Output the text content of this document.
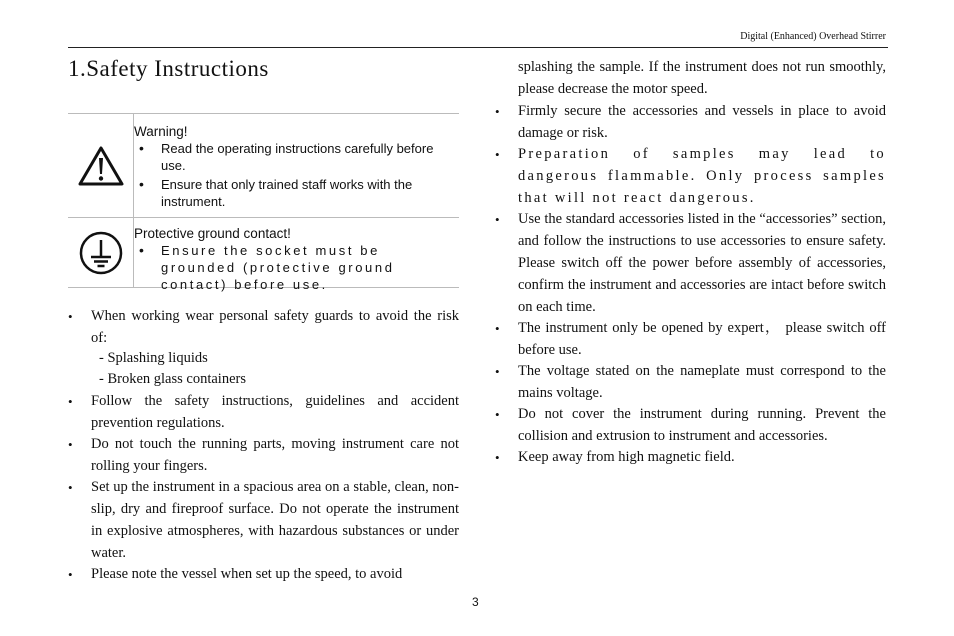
Digital (Enhanced) Overhead Stirrer
1.Safety Instructions
Warning!
• Read the operating instructions carefully before use.
• Ensure that only trained staff works with the instrument.
Protective ground contact!
• Ensure the socket must be grounded (protective ground contact) before use.
• When working wear personal safety guards to avoid the risk of:
- Splashing liquids
- Broken glass containers
• Follow the safety instructions, guidelines and accident prevention regulations.
• Do not touch the running parts, moving instrument care not rolling your fingers.
• Set up the instrument in a spacious area on a stable, clean, non-slip, dry and fireproof surface. Do not operate the instrument in explosive atmospheres, with hazardous substances or under water.
• Please note the vessel when set up the speed, to avoid
splashing the sample. If the instrument does not run smoothly, please decrease the motor speed.
• Firmly secure the accessories and vessels in place to avoid damage or risk.
• Preparation of samples may lead to dangerous flammable. Only process samples that will not react dangerous.
• Use the standard accessories listed in the “accessories” section, and follow the instructions to use accessories to ensure safety. Please switch off the power before assembly of accessories, confirm the instrument and accessories are intact before switch on each time.
• The instrument only be opened by expert， please switch off before use.
• The voltage stated on the nameplate must correspond to the mains voltage.
• Do not cover the instrument during running. Prevent the collision and extrusion to instrument and accessories.
• Keep away from high magnetic field.
3
